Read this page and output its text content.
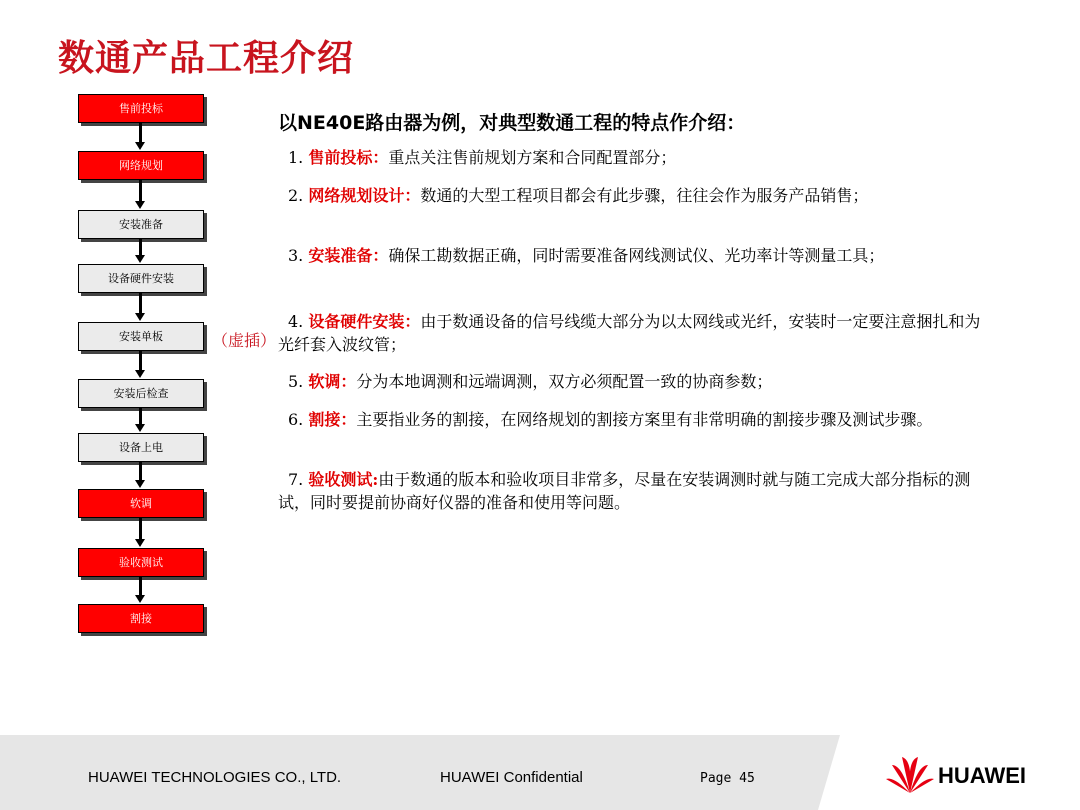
数通产品工程介绍
售前投标
网络规划
安装准备
设备硬件安装
安装单板
安装后检查
设备上电
软调
验收测试
割接
（虚插）
以NE40E路由器为例，对典型数通工程的特点作介绍：
1. 售前投标：重点关注售前规划方案和合同配置部分；
2. 网络规划设计：数通的大型工程项目都会有此步骤，往往会作为服务产品销售；
3. 安装准备：确保工勘数据正确，同时需要准备网线测试仪、光功率计等测量工具；
4. 设备硬件安装：由于数通设备的信号线缆大部分为以太网线或光纤，安装时一定要注意捆扎和为光纤套入波纹管；
5. 软调：分为本地调测和远端调测，双方必须配置一致的协商参数；
6. 割接：主要指业务的割接，在网络规划的割接方案里有非常明确的割接步骤及测试步骤。
7. 验收测试:由于数通的版本和验收项目非常多，尽量在安装调测时就与随工完成大部分指标的测试，同时要提前协商好仪器的准备和使用等问题。
HUAWEI TECHNOLOGIES CO., LTD.	HUAWEI Confidential	Page 45	HUAWEI
